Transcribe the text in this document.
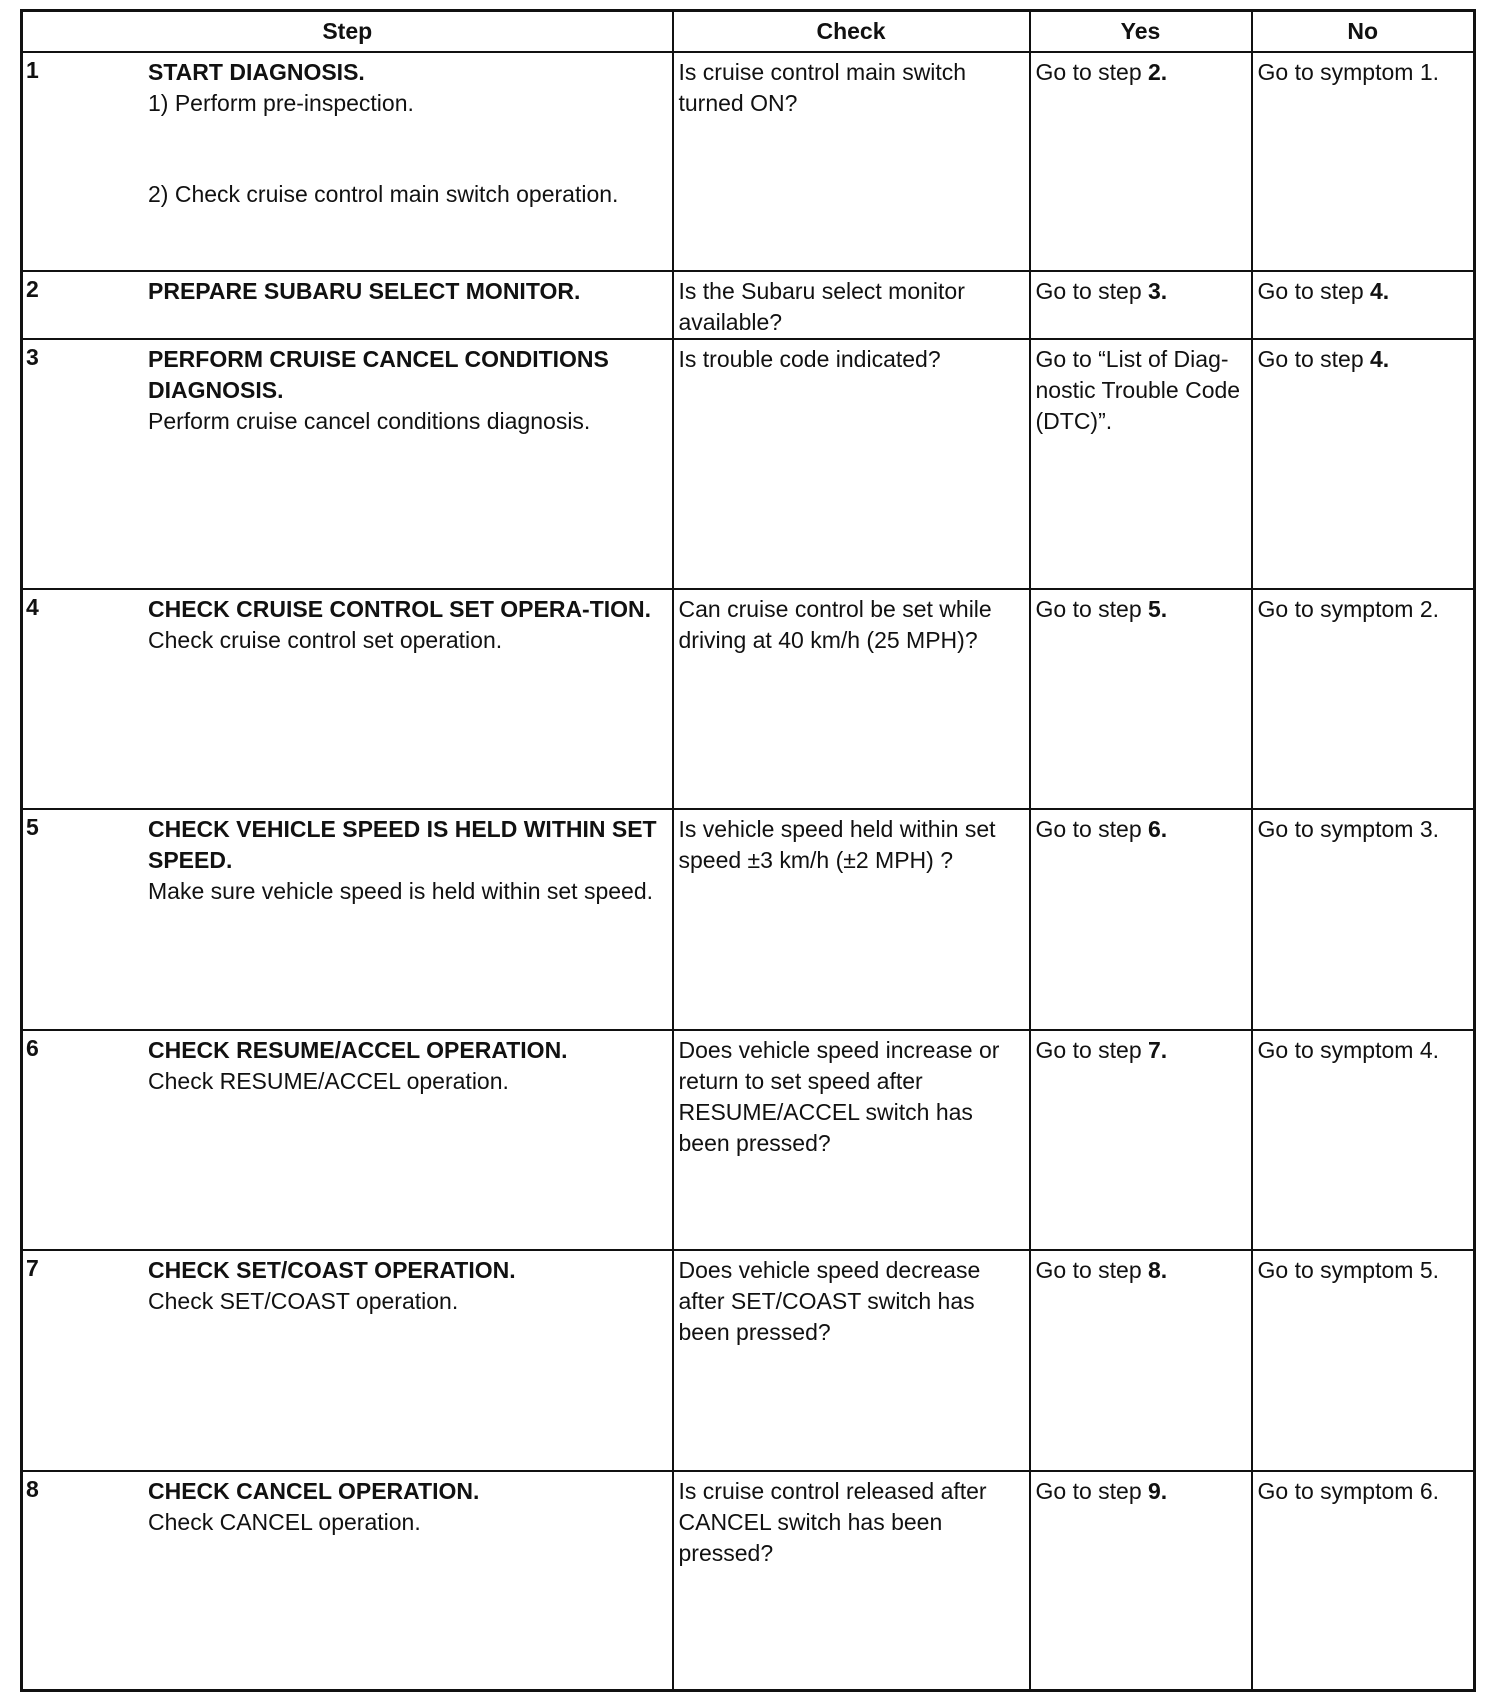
Step	Check	Yes	No

1 START DIAGNOSIS.
1) Perform pre-inspection.
2) Check cruise control main switch operation.	Is cruise control main switch turned ON?	Go to step 2.	Go to symptom 1.

2 PREPARE SUBARU SELECT MONITOR.	Is the Subaru select monitor available?	Go to step 3.	Go to step 4.

3 PERFORM CRUISE CANCEL CONDITIONS DIAGNOSIS.
Perform cruise cancel conditions diagnosis.	Is trouble code indicated?	Go to “List of Diag-nostic Trouble Code (DTC)”.	Go to step 4.

4 CHECK CRUISE CONTROL SET OPERA-TION.
Check cruise control set operation.	Can cruise control be set while driving at 40 km/h (25 MPH)?	Go to step 5.	Go to symptom 2.

5 CHECK VEHICLE SPEED IS HELD WITHIN SET SPEED.
Make sure vehicle speed is held within set speed.	Is vehicle speed held within set speed ±3 km/h (±2 MPH) ?	Go to step 6.	Go to symptom 3.

6 CHECK RESUME/ACCEL OPERATION.
Check RESUME/ACCEL operation.	Does vehicle speed increase or return to set speed after RESUME/ACCEL switch has been pressed?	Go to step 7.	Go to symptom 4.

7 CHECK SET/COAST OPERATION.
Check SET/COAST operation.	Does vehicle speed decrease after SET/COAST switch has been pressed?	Go to step 8.	Go to symptom 5.

8 CHECK CANCEL OPERATION.
Check CANCEL operation.	Is cruise control released after CANCEL switch has been pressed?	Go to step 9.	Go to symptom 6.
